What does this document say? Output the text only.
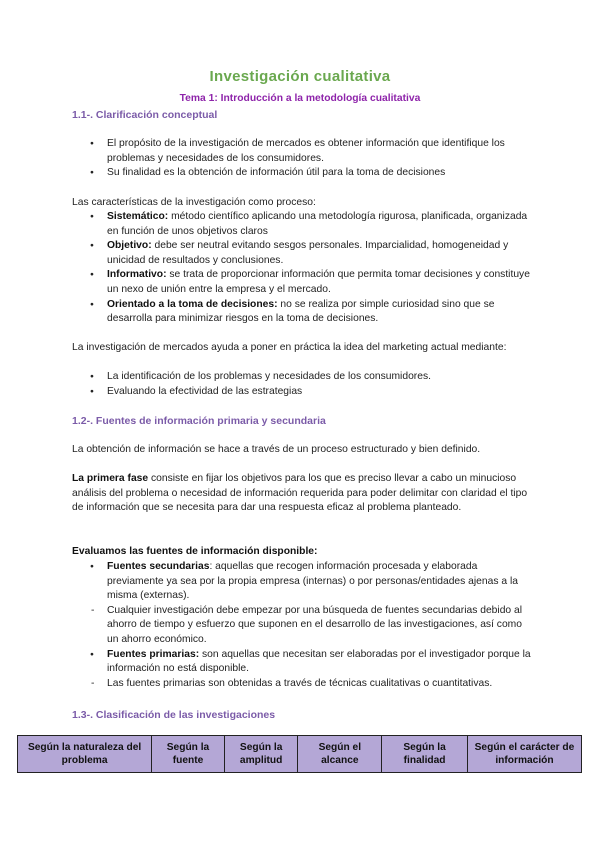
Investigación cualitativa
Tema 1: Introducción a la metodología cualitativa
1.1-. Clarificación conceptual
● El propósito de la investigación de mercados es obtener información que identifique los problemas y necesidades de los consumidores.
● Su finalidad es la obtención de información útil para la toma de decisiones

Las características de la investigación como proceso:

● Sistemático: método científico aplicando una metodología rigurosa, planificada, organizada en función de unos objetivos claros
● Objetivo: debe ser neutral evitando sesgos personales. Imparcialidad, homogeneidad y unicidad de resultados y conclusiones.
● Informativo: se trata de proporcionar información que permita tomar decisiones y constituye un nexo de unión entre la empresa y el mercado.
● Orientado a la toma de decisiones: no se realiza por simple curiosidad sino que se desarrolla para minimizar riesgos en la toma de decisiones.

La investigación de mercados ayuda a poner en práctica la idea del marketing actual mediante:

● La identificación de los problemas y necesidades de los consumidores.
● Evaluando la efectividad de las estrategias
1.2-. Fuentes de información primaria y secundaria

La obtención de información se hace a través de un proceso estructurado y bien definido.

La primera fase consiste en fijar los objetivos para los que es preciso llevar a cabo un minucioso análisis del problema o necesidad de información requerida para poder delimitar con claridad el tipo de información que se necesita para dar una respuesta eficaz al problema planteado.

Evaluamos las fuentes de información disponible:

● Fuentes secundarias: aquellas que recogen información procesada y elaborada previamente ya sea por la propia empresa (internas) o por personas/entidades ajenas a la misma (externas).
- Cualquier investigación debe empezar por una búsqueda de fuentes secundarias debido al ahorro de tiempo y esfuerzo que suponen en el desarrollo de las investigaciones, así como un ahorro económico.
● Fuentes primarias: son aquellas que necesitan ser elaboradas por el investigador porque la información no está disponible.
- Las fuentes primarias son obtenidas a través de técnicas cualitativas o cuantitativas.
1.3-. Clasificación de las investigaciones
Según la naturaleza del problema	Según la fuente	Según la amplitud	Según el alcance	Según la finalidad	Según el carácter de información
